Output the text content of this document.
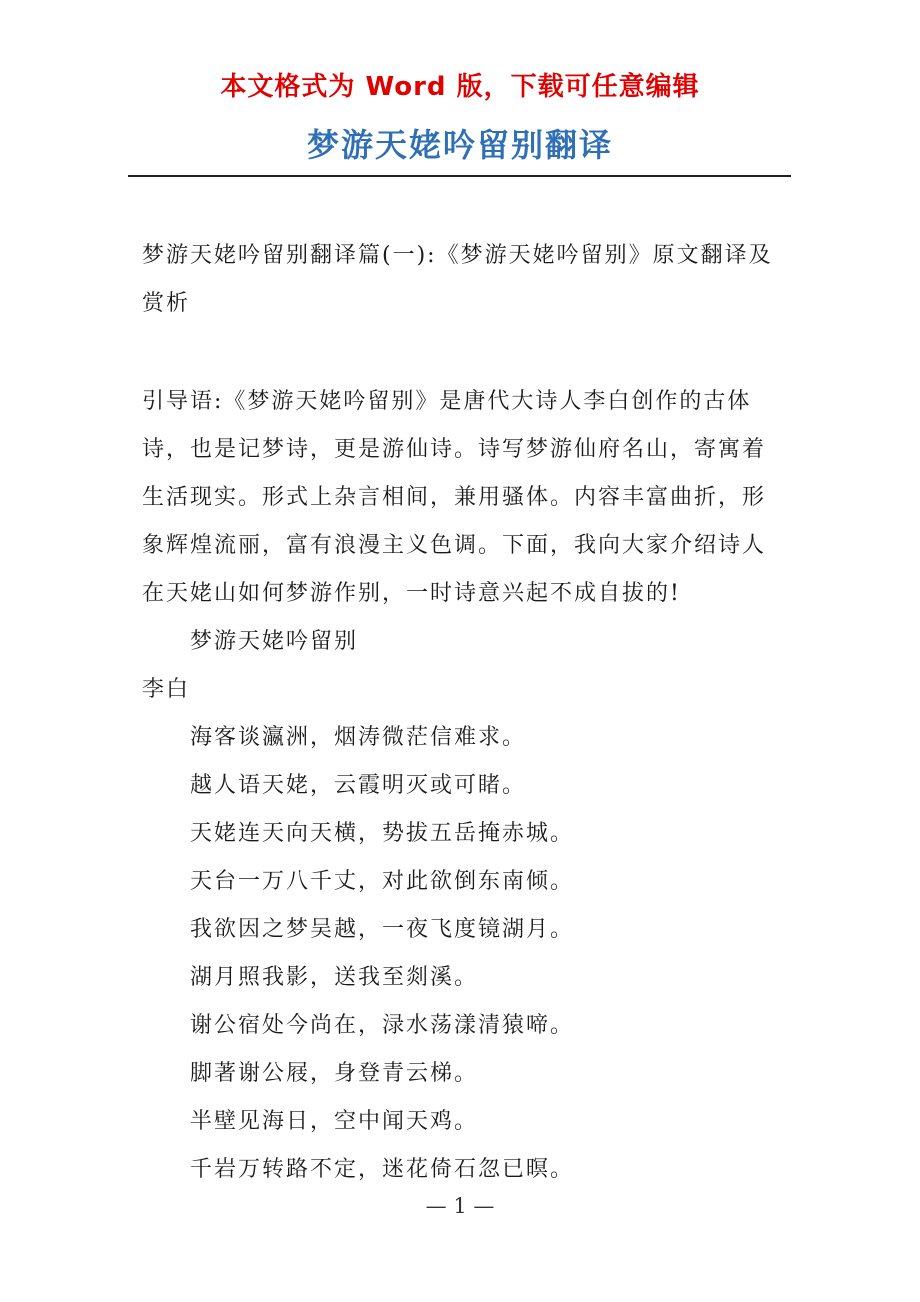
本文格式为 Word 版，下载可任意编辑
梦游天姥吟留别翻译

梦游天姥吟留别翻译篇(一):《梦游天姥吟留别》原文翻译及赏析

引导语:《梦游天姥吟留别》是唐代大诗人李白创作的古体诗，也是记梦诗，更是游仙诗。诗写梦游仙府名山，寄寓着生活现实。形式上杂言相间，兼用骚体。内容丰富曲折，形象辉煌流丽，富有浪漫主义色调。下面，我向大家介绍诗人在天姥山如何梦游作别，一时诗意兴起不成自拔的!

梦游天姥吟留别

李白

海客谈瀛洲，烟涛微茫信难求。

越人语天姥，云霞明灭或可睹。

天姥连天向天横，势拔五岳掩赤城。

天台一万八千丈，对此欲倒东南倾。

我欲因之梦吴越，一夜飞度镜湖月。

湖月照我影，送我至剡溪。

谢公宿处今尚在，渌水荡漾清猿啼。

脚著谢公屐，身登青云梯。

半壁见海日，空中闻天鸡。

千岩万转路不定，迷花倚石忽已暝。

— 1 —
